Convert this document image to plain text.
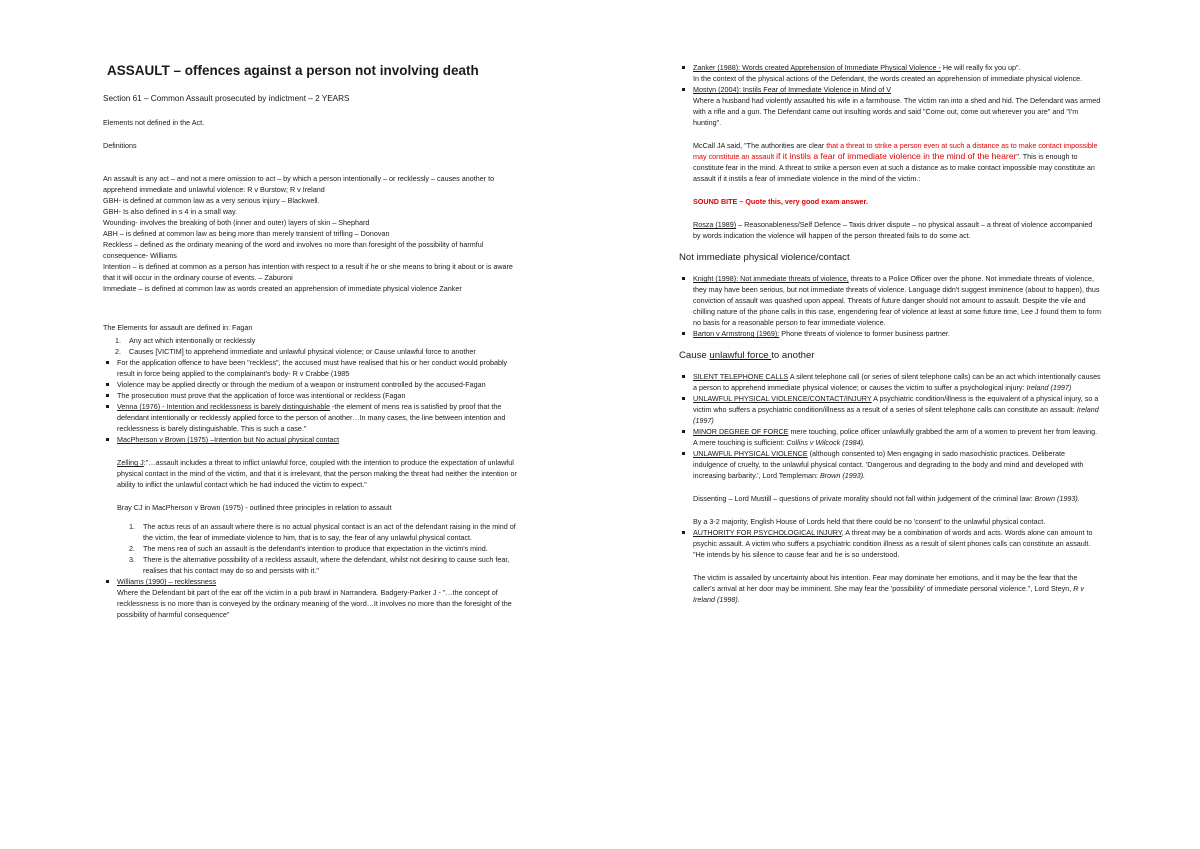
ASSAULT – offences against a person not involving death

Section 61 – Common Assault prosecuted by indictment – 2 YEARS

Elements not defined in the Act.

Definitions

An assault is any act – and not a mere omission to act – by which a person intentionally – or recklessly – causes another to apprehend immediate and unlawful violence: R v Burstow; R v Ireland

GBH- is defined at common law as a very serious injury – Blackwell.

GBH- Is also defined in s 4 in a small way.

Wounding- involves the breaking of both (inner and outer) layers of skin – Shephard

ABH – is defined at common law as being more than merely transient of trifling – Donovan

Reckless – defined as the ordinary meaning of the word and involves no more than foresight of the possibility of harmful consequence- Williams

Intention – is defined at common as a person has intention with respect to a result if he or she means to bring it about or is aware that it will occur in the ordinary course of events. – Zaburoni

Immediate – is defined at common law as words created an apprehension of immediate physical violence Zanker

The Elements for assault are defined in: Fagan

1. Any act which intentionally or recklessly
2. Causes [VICTIM] to apprehend immediate and unlawful physical violence; or Cause unlawful force to another
For the application offence to have been "reckless", the accused must have realised that his or her conduct would probably result in force being applied to the complainant's body- R v Crabbe (1985
Violence may be applied directly or through the medium of a weapon or instrument controlled by the accused-Fagan
The prosecution must prove that the application of force was intentional or reckless (Fagan
Venna (1976) - Intention and recklessness is barely distinguishable -the element of mens rea is satisfied by proof that the defendant intentionally or recklessly applied force to the person of another…In many cases, the line between intention and recklessness is barely distinguishable. This is such a case."
MacPherson v Brown (1975) –Intention but No actual physical contact

Zelling J:"…assault includes a threat to inflict unlawful force, coupled with the intention to produce the expectation of unlawful physical contact in the mind of the victim, and that it is irrelevant, that the person making the threat had neither the intention or ability to inflict the unlawful contact which he had induced the victim to expect."

Bray CJ in MacPherson v Brown (1975) - outlined three principles in relation to assault

1. The actus reus of an assault where there is no actual physical contact is an act of the defendant raising in the mind of the victim, the fear of immediate violence to him, that is to say, the fear of any unlawful physical contact.
2. The mens rea of such an assault is the defendant's intention to produce that expectation in the victim's mind.
3. There is the alternative possibility of a reckless assault, where the defendant, whilst not desiring to cause such fear, realises that his contact may do so and persists with it."
Williams (1990) – recklessness

Where the Defendant bit part of the ear off the victim in a pub brawl in Narrandera. Badgery-Parker J - "…the concept of recklessness is no more than is conveyed by the ordinary meaning of the word…It involves no more than the foresight of the possibility of harmful consequence"

Zanker (1988): Words created Apprehension of Immediate Physical Violence - He will really fix you up".

In the context of the physical actions of the Defendant, the words created an apprehension of immediate physical violence.

Mostyn (2004): Instils Fear of Immediate Violence in Mind of V

Where a husband had violently assaulted his wife in a farmhouse. The victim ran into a shed and hid. The Defendant was armed with a rifle and a gun. The Defendant came out insulting words and said "Come out, come out wherever you are" and "I'm hunting".

McCall JA said, "The authorities are clear that a threat to strike a person even at such a distance as to make contact impossible may constitute an assault if it instils a fear of immediate violence in the mind of the hearer". This is enough to constitute fear in the mind. A threat to strike a person even at such a distance as to make contact impossible may constitute an assault if it instils a fear of immediate violence in the mind of the victim.:

SOUND BITE – Quote this, very good exam answer.

Rosza (1989) – Reasonableness/Self Defence – Taxis driver dispute – no physical assault – a threat of violence accompanied by words indication the violence will happen of the person threated fails to do some act.

Not immediate physical violence/contact

Knight (1998): Not immediate threats of violence, threats to a Police Officer over the phone. Not immediate threats of violence, they may have been serious, but not immediate threats of violence. Language didn't suggest imminence (about to happen), thus conviction of assault was quashed upon appeal. Threats of future danger should not amount to assault. Despite the vile and chilling nature of the phone calls in this case, engendering fear of violence at least at some future time, Lee J found them to form no basis for a reasonable person to fear immediate violence.
Barton v Armstrong (1969): Phone threats of violence to former business partner.

Cause unlawful force to another

SILENT TELEPHONE CALLS A silent telephone call (or series of silent telephone calls) can be an act which intentionally causes a person to apprehend immediate physical violence; or causes the victim to suffer a psychological injury: Ireland (1997)
UNLAWFUL PHYSICAL VIOLENCE/CONTACT/INJURY A psychiatric condition/illness is the equivalent of a physical injury, so a victim who suffers a psychiatric condition/illness as a result of a series of silent telephone calls can constitute an assault: Ireland (1997)
MINOR DEGREE OF FORCE mere touching, police officer unlawfully grabbed the arm of a women to prevent her from leaving. A mere touching is sufficient: Collins v Wilcock (1984).
UNLAWFUL PHYSICAL VIOLENCE (although consented to) Men engaging in sado masochistic practices. Deliberate indulgence of cruelty, to the unlawful physical contact. 'Dangerous and degrading to the body and mind and developed with increasing barbarity.', Lord Templeman: Brown (1993).

Dissenting – Lord Mustill – questions of private morality should not fall within judgement of the criminal law: Brown (1993).

By a 3-2 majority, English House of Lords held that there could be no 'consent' to the unlawful physical contact.

AUTHORITY FOR PSYCHOLOGICAL INJURY, A threat may be a combination of words and acts. Words alone can amount to psychic assault. A victim who suffers a psychiatric condition illness as a result of silent phones calls can constitute an assault. "He intends by his silence to cause fear and he is so understood.

The victim is assailed by uncertainty about his intention. Fear may dominate her emotions, and it may be the fear that the caller's arrival at her door may be imminent. She may fear the 'possibility' of immediate personal violence.", Lord Steyn, R v Ireland (1998).
